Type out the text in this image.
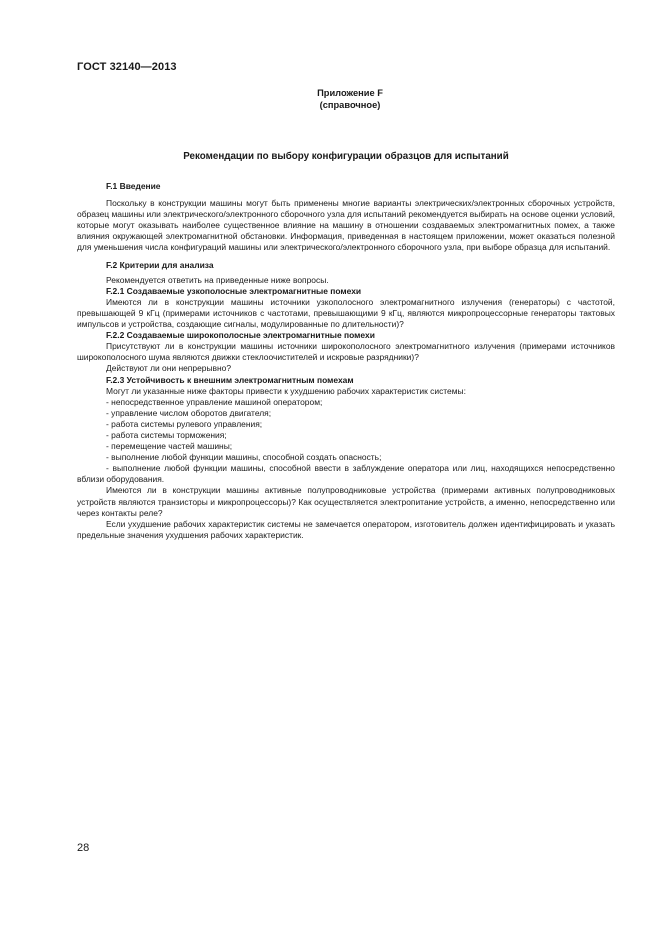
ГОСТ 32140—2013
Приложение F
(справочное)
Рекомендации по выбору конфигурации образцов для испытаний

F.1 Введение

Поскольку в конструкции машины могут быть применены многие варианты электрических/электронных сборочных устройств, образец машины или электрического/электронного сборочного узла для испытаний рекомендуется выбирать на основе оценки условий, которые могут оказывать наиболее существенное влияние на машину в отношении создаваемых электромагнитных помех, а также влияния окружающей электромагнитной обстановки. Информация, приведенная в настоящем приложении, может оказаться полезной для уменьшения числа конфигураций машины или электрического/электронного сборочного узла, при выборе образца для испытаний.

F.2 Критерии для анализа

Рекомендуется ответить на приведенные ниже вопросы.

F.2.1 Создаваемые узкополосные электромагнитные помехи

Имеются ли в конструкции машины источники узкополосного электромагнитного излучения (генераторы) с частотой, превышающей 9 кГц (примерами источников с частотами, превышающими 9 кГц, являются микропроцессорные генераторы тактовых импульсов и устройства, создающие сигналы, модулированные по длительности)?

F.2.2 Создаваемые широкополосные электромагнитные помехи

Присутствуют ли в конструкции машины источники широкополосного электромагнитного излучения (примерами источников широкополосного шума являются движки стеклоочистителей и искровые разрядники)?

Действуют ли они непрерывно?

F.2.3 Устойчивость к внешним электромагнитным помехам

Могут ли указанные ниже факторы привести к ухудшению рабочих характеристик системы:

- непосредственное управление машиной оператором;

- управление числом оборотов двигателя;

- работа системы рулевого управления;

- работа системы торможения;

- перемещение частей машины;

- выполнение любой функции машины, способной создать опасность;

- выполнение любой функции машины, способной ввести в заблуждение оператора или лиц, находящихся непосредственно вблизи оборудования.

Имеются ли в конструкции машины активные полупроводниковые устройства (примерами активных полупроводниковых устройств являются транзисторы и микропроцессоры)? Как осуществляется электропитание устройств, а именно, непосредственно или через контакты реле?

Если ухудшение рабочих характеристик системы не замечается оператором, изготовитель должен идентифицировать и указать предельные значения ухудшения рабочих характеристик.

28
